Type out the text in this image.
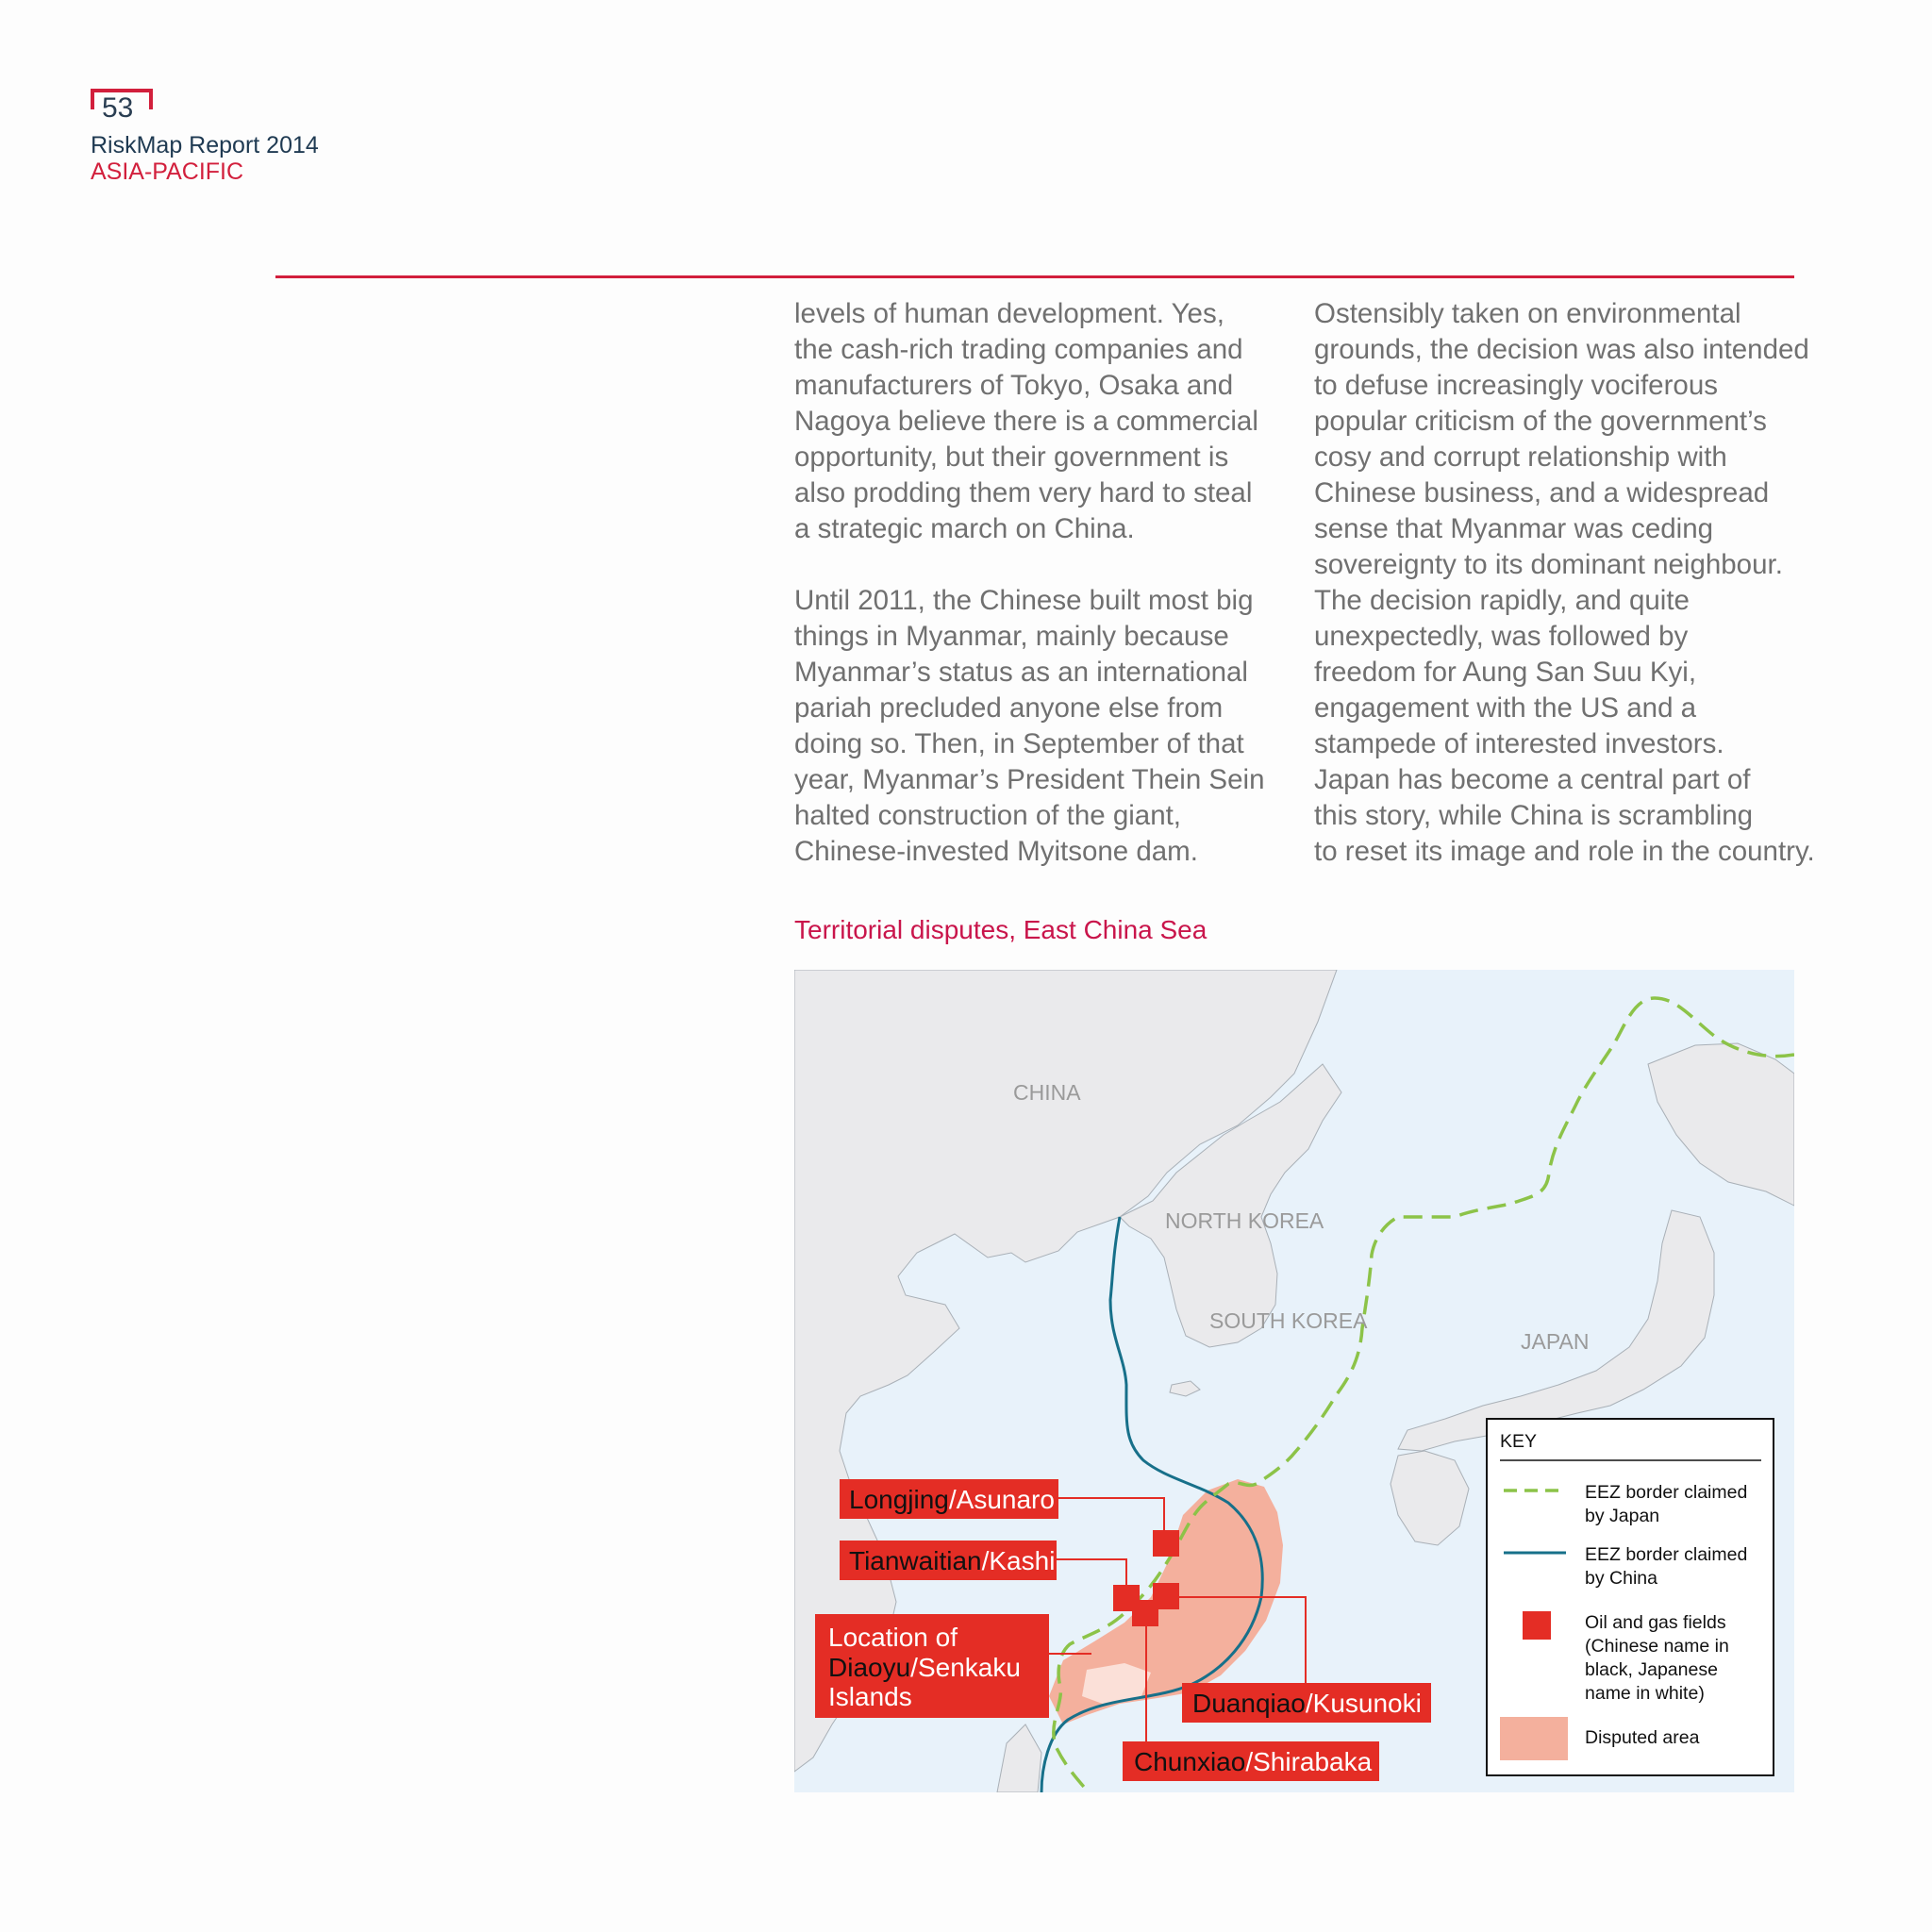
53
RiskMap Report 2014
ASIA-PACIFIC

levels of human development. Yes,
the cash-rich trading companies and
manufacturers of Tokyo, Osaka and
Nagoya believe there is a commercial
opportunity, but their government is
also prodding them very hard to steal
a strategic march on China.

Until 2011, the Chinese built most big
things in Myanmar, mainly because
Myanmar’s status as an international
pariah precluded anyone else from
doing so. Then, in September of that
year, Myanmar’s President Thein Sein
halted construction of the giant,
Chinese-invested Myitsone dam.

Ostensibly taken on environmental
grounds, the decision was also intended
to defuse increasingly vociferous
popular criticism of the government’s
cosy and corrupt relationship with
Chinese business, and a widespread
sense that Myanmar was ceding
sovereignty to its dominant neighbour.
The decision rapidly, and quite
unexpectedly, was followed by
freedom for Aung San Suu Kyi,
engagement with the US and a
stampede of interested investors.
Japan has become a central part of
this story, while China is scrambling
to reset its image and role in the country.

Territorial disputes, East China Sea
CHINA
NORTH KOREA
SOUTH KOREA
JAPAN
Longjing/Asunaro
Tianwaitian/Kashi
Location of
Diaoyu/Senkaku
Islands	Duanqiao/Kusunoki
Chunxiao/Shirabaka
KEY
EEZ border claimed
by Japan
EEZ border claimed
by China
Oil and gas fields
(Chinese name in
black, Japanese
name in white)
Disputed area
